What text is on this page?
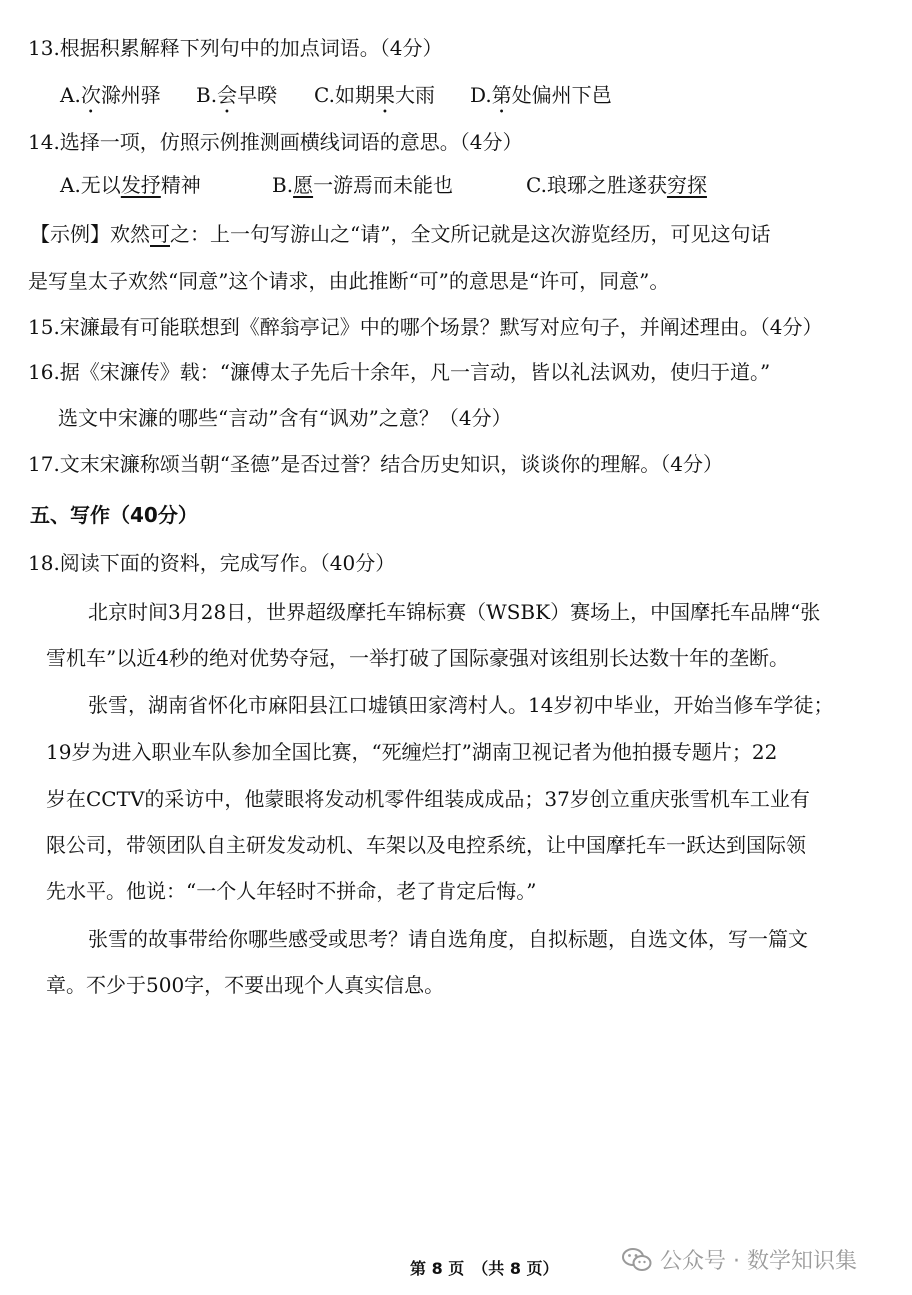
13.根据积累解释下列句中的加点词语。（4分）
A.次滁州驿 B.会早暌 C.如期果大雨 D.第处偏州下邑
14.选择一项，仿照示例推测画横线词语的意思。（4分）
A.无以发抒精神	B.愿一游焉而未能也	C.琅琊之胜遂获穷探
【示例】欢然可之：上一句写游山之“请”，全文所记就是这次游览经历，可见这句话
是写皇太子欢然“同意”这个请求，由此推断“可”的意思是“许可，同意”。
15.宋濂最有可能联想到《醉翁亭记》中的哪个场景？默写对应句子，并阐述理由。（4分）
16.据《宋濂传》载：“濂傅太子先后十余年，凡一言动，皆以礼法讽劝，使归于道。”
选文中宋濂的哪些“言动”含有“讽劝”之意？（4分）
17.文末宋濂称颂当朝“圣德”是否过誉？结合历史知识，谈谈你的理解。（4分）
五、写作（40分）
18.阅读下面的资料，完成写作。（40分）
北京时间3月28日，世界超级摩托车锦标赛（WSBK）赛场上，中国摩托车品牌“张
雪机车”以近4秒的绝对优势夺冠，一举打破了国际豪强对该组别长达数十年的垄断。
张雪，湖南省怀化市麻阳县江口墟镇田家湾村人。14岁初中毕业，开始当修车学徒；
19岁为进入职业车队参加全国比赛，“死缠烂打”湖南卫视记者为他拍摄专题片；22
岁在CCTV的采访中，他蒙眼将发动机零件组装成成品；37岁创立重庆张雪机车工业有
限公司，带领团队自主研发发动机、车架以及电控系统，让中国摩托车一跃达到国际领
先水平。他说：“一个人年轻时不拼命，老了肯定后悔。”
张雪的故事带给你哪些感受或思考？请自选角度，自拟标题，自选文体，写一篇文
章。不少于500字，不要出现个人真实信息。
第 8 页　（共 8 页）	公众号 · 数学知识集
